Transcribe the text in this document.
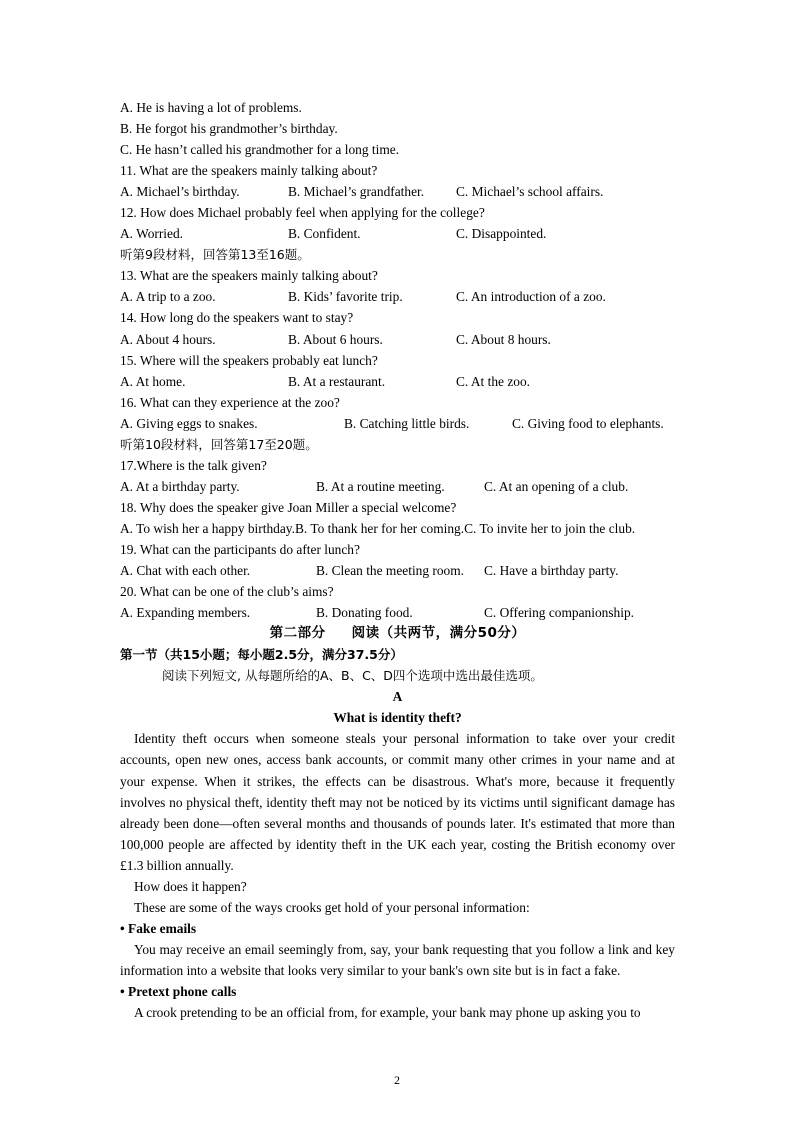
A. He is having a lot of problems.
B. He forgot his grandmother’s birthday.
C. He hasn’t called his grandmother for a long time.
11. What are the speakers mainly talking about?
A. Michael’s birthday.	B. Michael’s grandfather. C. Michael’s school affairs.
12. How does Michael probably feel when applying for the college?
A. Worried.	B. Confident.	C. Disappointed.
听第9段材料，回答第13至16题。
13. What are the speakers mainly talking about?
A. A trip to a zoo.	B. Kids’ favorite trip.	C. An introduction of a zoo.
14. How long do the speakers want to stay?
A. About 4 hours.	B. About 6 hours.	C. About 8 hours.
15. Where will the speakers probably eat lunch?
A. At home.	B. At a restaurant.	C. At the zoo.
16. What can they experience at the zoo?
A. Giving eggs to snakes.	B. Catching little birds.	C. Giving food to elephants.
听第10段材料，回答第17至20题。
17.Where is the talk given?
A. At a birthday party.	B. At a routine meeting.	C. At an opening of a club.
18. Why does the speaker give Joan Miller a special welcome?
A. To wish her a happy birthday.B. To thank her for her coming.C. To invite her to join the club.
19. What can the participants do after lunch?
A. Chat with each other.	B. Clean the meeting room. C. Have a birthday party.
20. What can be one of the club’s aims?
A. Expanding members.	B. Donating food.	C. Offering companionship.
第二部分 阅读（共两节，满分50分）
第一节（共15小题；每小题2.5分，满分37.5分）
阅读下列短文, 从每题所给的A、B、C、D四个选项中选出最佳选项。
A
What is identity theft?

Identity theft occurs when someone steals your personal information to take over your credit accounts, open new ones, access bank accounts, or commit many other crimes in your name and at your expense. When it strikes, the effects can be disastrous. What's more, because it frequently involves no physical theft, identity theft may not be noticed by its victims until significant damage has already been done—often several months and thousands of pounds later. It's estimated that more than 100,000 people are affected by identity theft in the UK each year, costing the British economy over £1.3 billion annually.

How does it happen?
These are some of the ways crooks get hold of your personal information:
• Fake emails

You may receive an email seemingly from, say, your bank requesting that you follow a link and key information into a website that looks very similar to your bank's own site but is in fact a fake.

• Pretext phone calls

A crook pretending to be an official from, for example, your bank may phone up asking you to

2
